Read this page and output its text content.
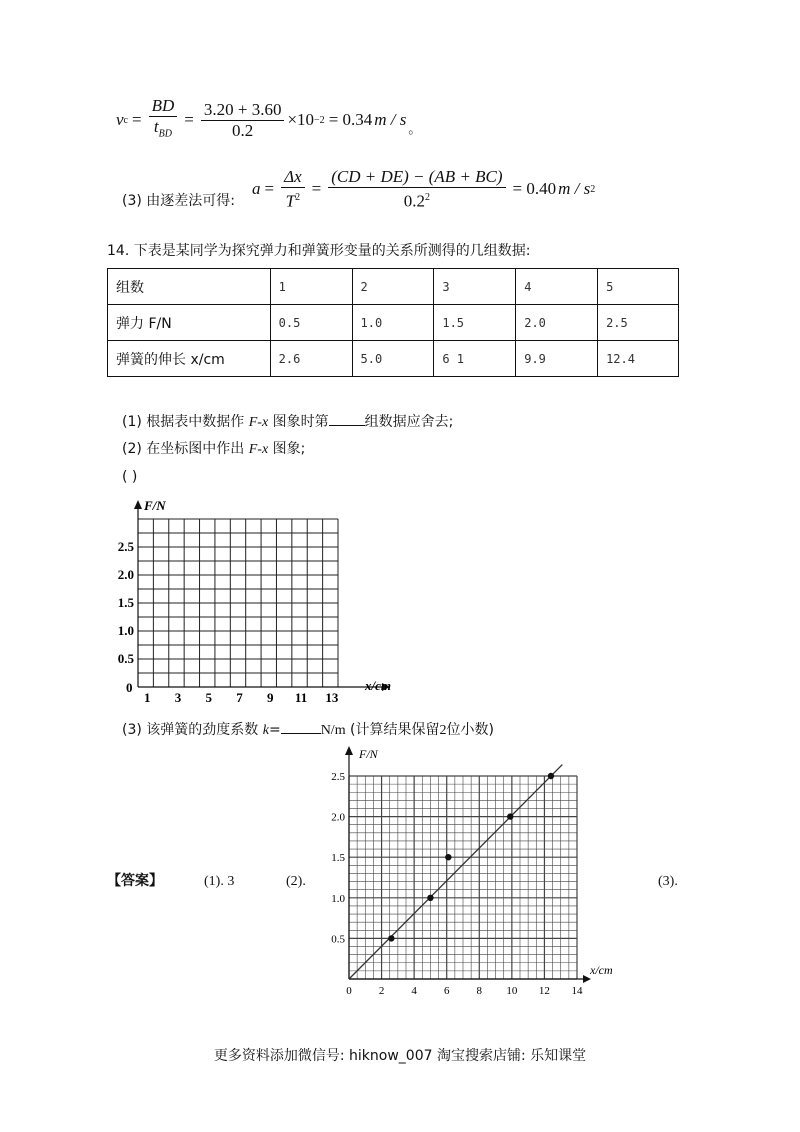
v $c = \frac{BD}{t_{BD}} = \frac{3.20 + 3.60}{0.2} \times 10 -2 = 0.34$ m / s 。
(3) 由逐差法可得:
$a = \frac{\Delta x}{T^2} = \frac{(CD + DE) - (AB + BC)}{0.2^2} = 0.40$ m / s 2
14. 下表是某同学为探究弹力和弹簧形变量的关系所测得的几组数据:
组数	1	2	3	4	5
弹力 F/N	0.5	1.0	1.5	2.0	2.5
弹簧的伸长 x/cm	2.6	5.0	6 1	9.9	12.4
(1) 根据表中数据作 F-x 图象时第	组数据应舍去;
(2) 在坐标图中作出 F-x 图象;
( )
F/N
x/cm
0
2.5
2.0
1.5
1.0
0.5
1 3 5 7 9 11 13
(3) 该弹簧的劲度系数 k=	N/m (计算结果保留2位小数)
【答案】	(1). 3	(2).	(3).
F/N
x/cm
0.5
1.0
1.5
2.0
2.5
0 2 4 6 8 10 12 14
更多资料添加微信号: hiknow_007 淘宝搜索店铺: 乐知课堂
